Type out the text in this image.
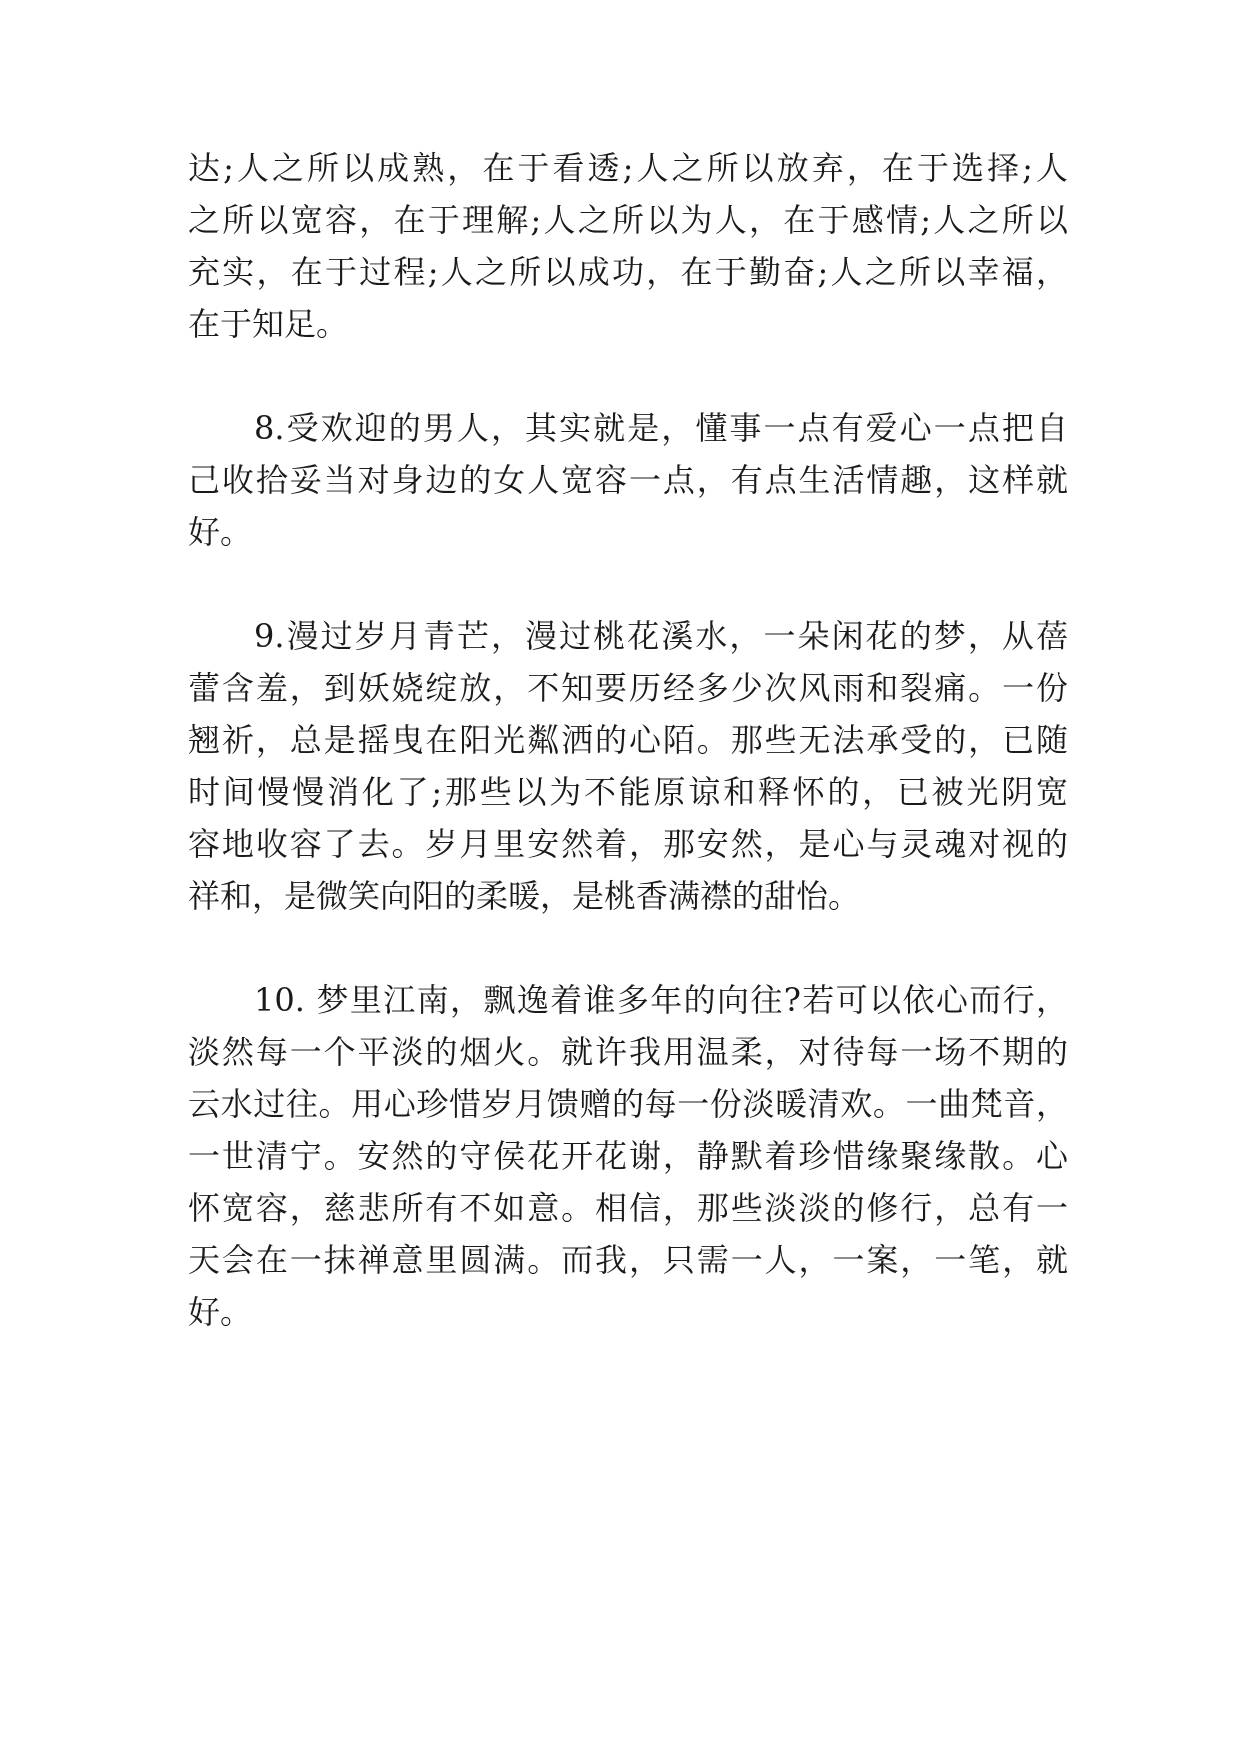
达;人之所以成熟，在于看透;人之所以放弃，在于选择;人
之所以宽容，在于理解;人之所以为人，在于感情;人之所以
充实，在于过程;人之所以成功，在于勤奋;人之所以幸福，
在于知足。
8.受欢迎的男人，其实就是，懂事一点有爱心一点把自
己收拾妥当对身边的女人宽容一点，有点生活情趣，这样就
好。
9.漫过岁月青芒，漫过桃花溪水，一朵闲花的梦，从蓓
蕾含羞，到妖娆绽放，不知要历经多少次风雨和裂痛。一份
翘祈，总是摇曳在阳光粼洒的心陌。那些无法承受的，已随
时间慢慢消化了;那些以为不能原谅和释怀的，已被光阴宽
容地收容了去。岁月里安然着，那安然，是心与灵魂对视的
祥和，是微笑向阳的柔暖，是桃香满襟的甜怡。
10. 梦里江南，飘逸着谁多年的向往?若可以依心而行，
淡然每一个平淡的烟火。就许我用温柔，对待每一场不期的
云水过往。用心珍惜岁月馈赠的每一份淡暖清欢。一曲梵音，
一世清宁。安然的守侯花开花谢，静默着珍惜缘聚缘散。心
怀宽容，慈悲所有不如意。相信，那些淡淡的修行，总有一
天会在一抹禅意里圆满。而我，只需一人，一案，一笔，就
好。
